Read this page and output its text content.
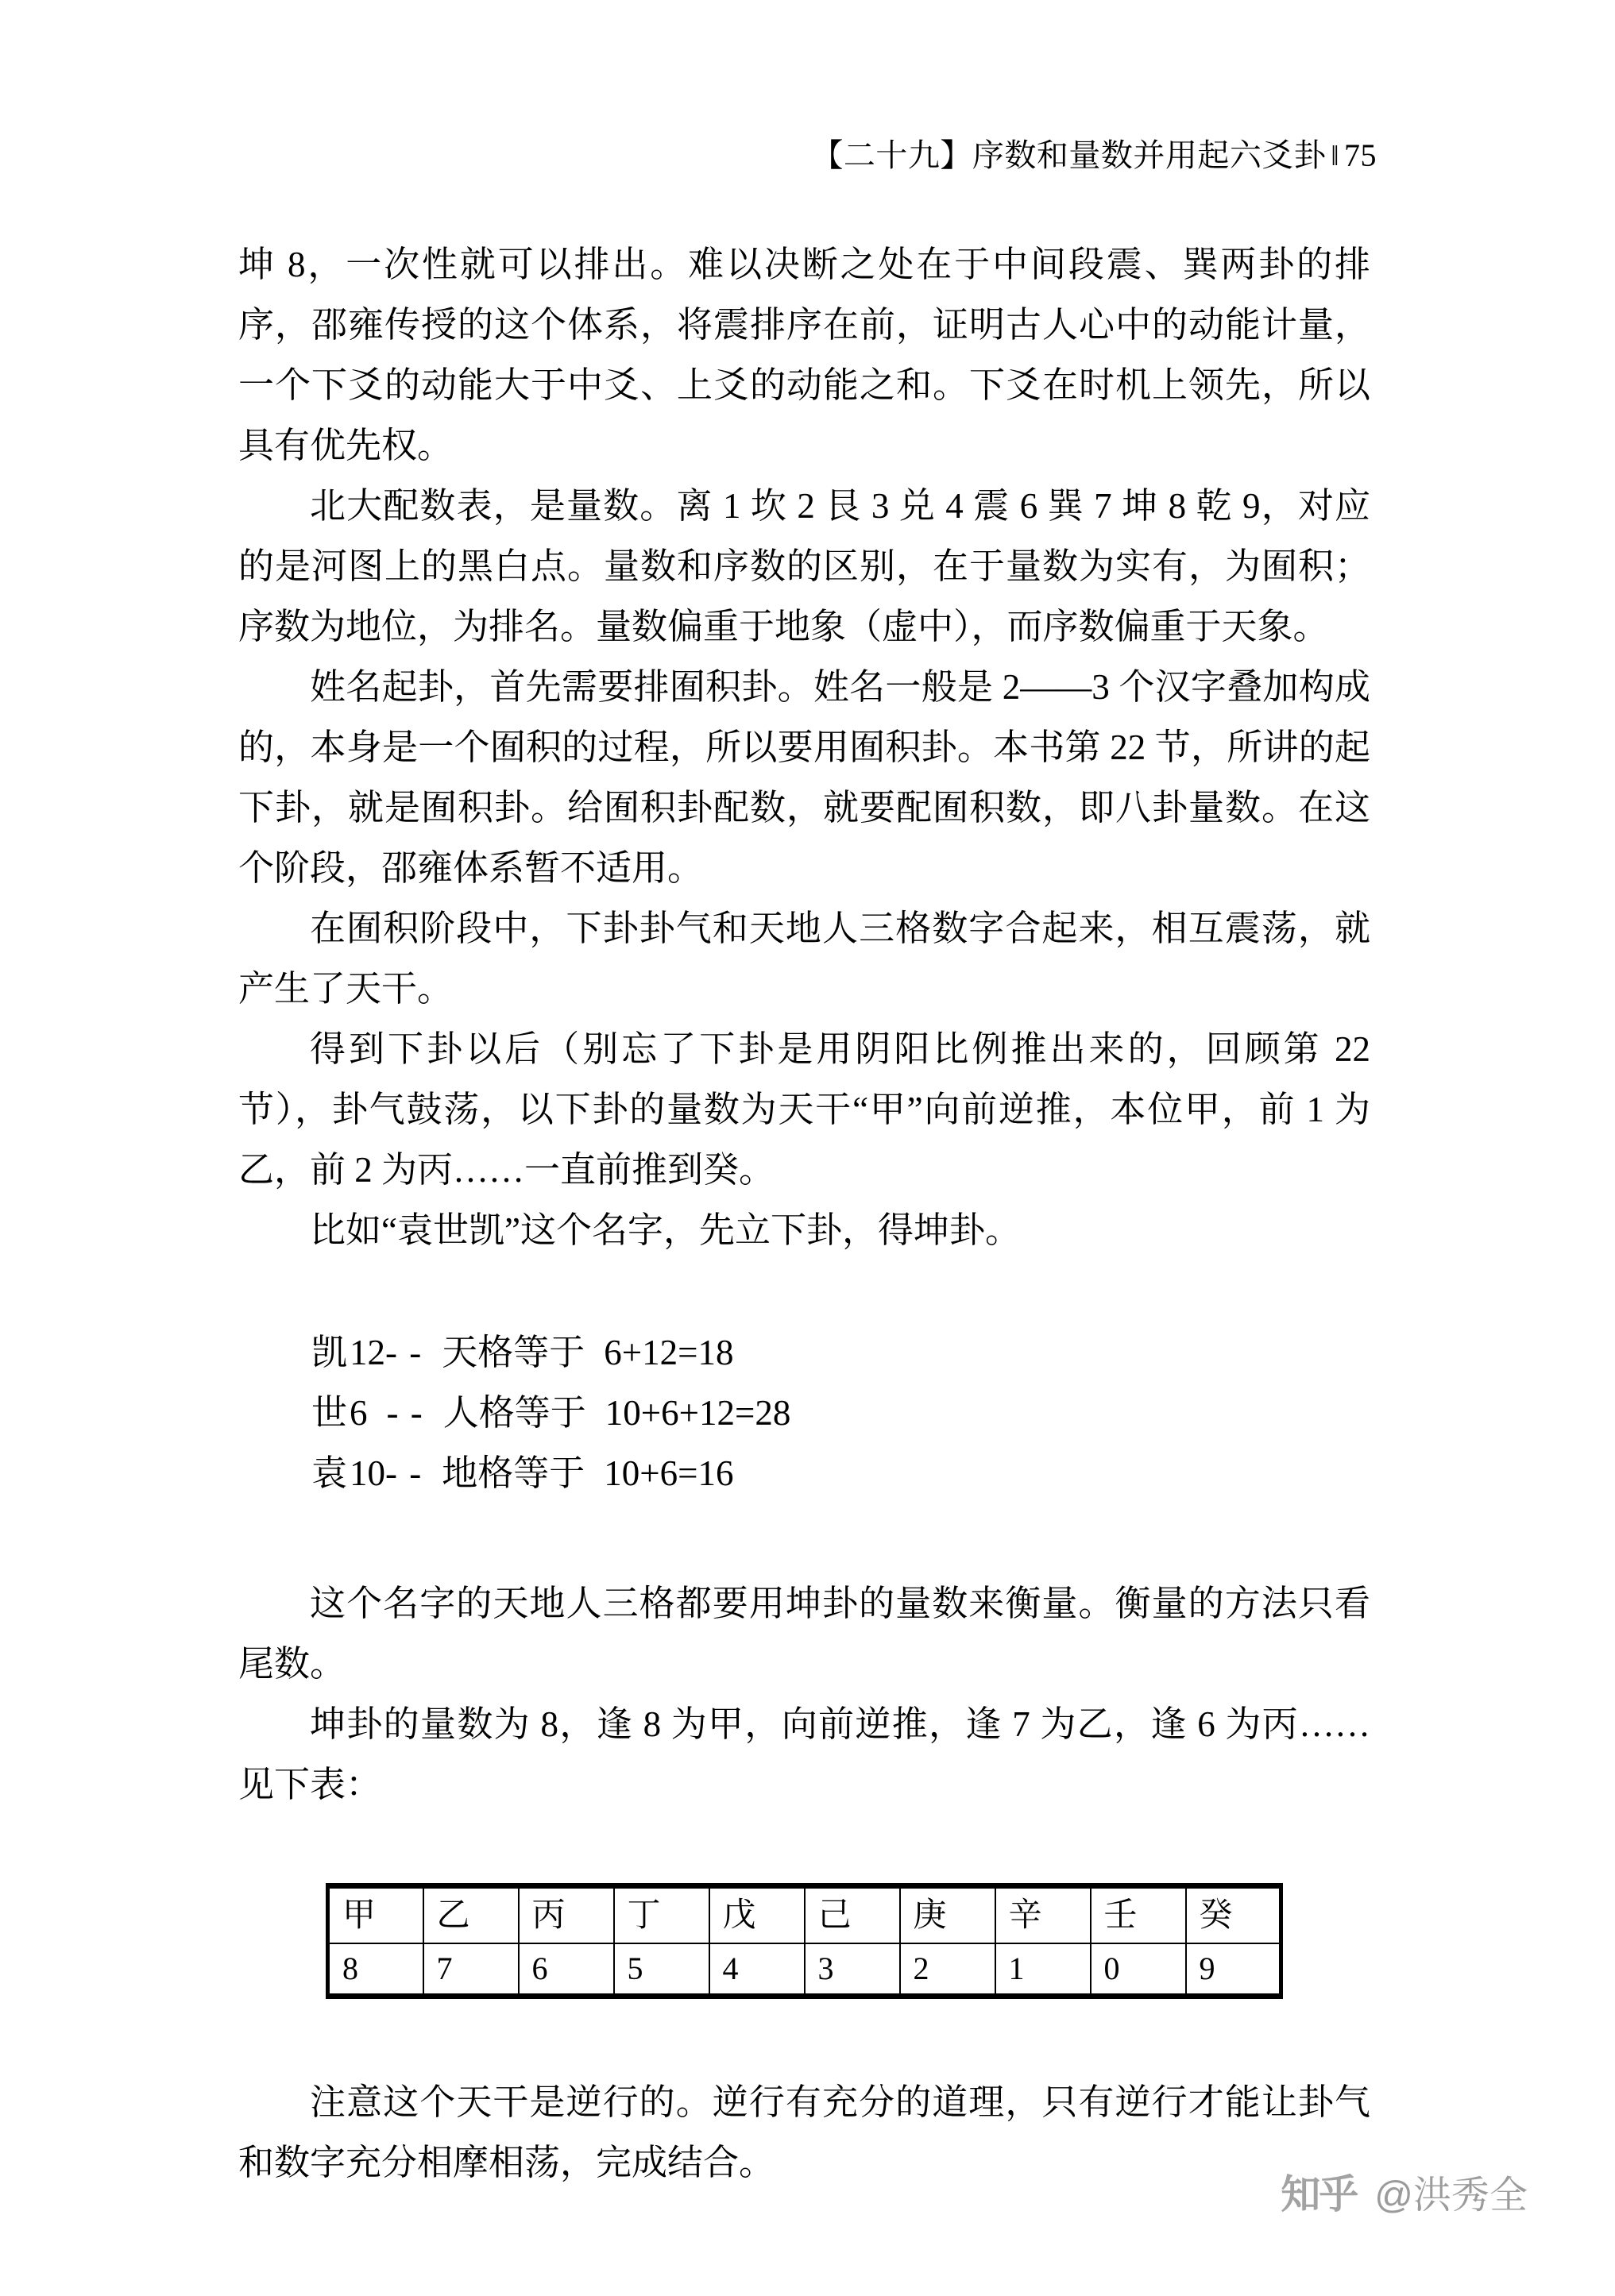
【二十九】序数和量数并用起六爻卦 ‖ 75

坤 8，一次性就可以排出。难以决断之处在于中间段震、巽两卦的排序，邵雍传授的这个体系，将震排序在前，证明古人心中的动能计量，一个下爻的动能大于中爻、上爻的动能之和。下爻在时机上领先，所以具有优先权。

北大配数表，是量数。离 1 坎 2 艮 3 兑 4 震 6 巽 7 坤 8 乾 9，对应的是河图上的黑白点。量数和序数的区别，在于量数为实有，为囿积；序数为地位，为排名。量数偏重于地象（虚中），而序数偏重于天象。

姓名起卦，首先需要排囿积卦。姓名一般是 2——3 个汉字叠加构成的，本身是一个囿积的过程，所以要用囿积卦。本书第 22 节，所讲的起下卦，就是囿积卦。给囿积卦配数，就要配囿积数，即八卦量数。在这个阶段，邵雍体系暂不适用。

在囿积阶段中，下卦卦气和天地人三格数字合起来，相互震荡，就产生了天干。

得到下卦以后（别忘了下卦是用阴阳比例推出来的，回顾第 22 节），卦气鼓荡，以下卦的量数为天干“甲”向前逆推，本位甲，前 1 为乙，前 2 为丙……一直前推到癸。

比如“袁世凯”这个名字，先立下卦，得坤卦。

凯12- - 天格等于 6+12=18
世6 - - 人格等于 10+6+12=28
袁10- - 地格等于 10+6=16

这个名字的天地人三格都要用坤卦的量数来衡量。衡量的方法只看尾数。

坤卦的量数为 8，逢 8 为甲，向前逆推，逢 7 为乙，逢 6 为丙……见下表：

甲	乙	丙	丁	戊	己	庚	辛	壬	癸
8	7	6	5	4	3	2	1	0	9

注意这个天干是逆行的。逆行有充分的道理，只有逆行才能让卦气和数字充分相摩相荡，完成结合。

知乎 @洪秀全
